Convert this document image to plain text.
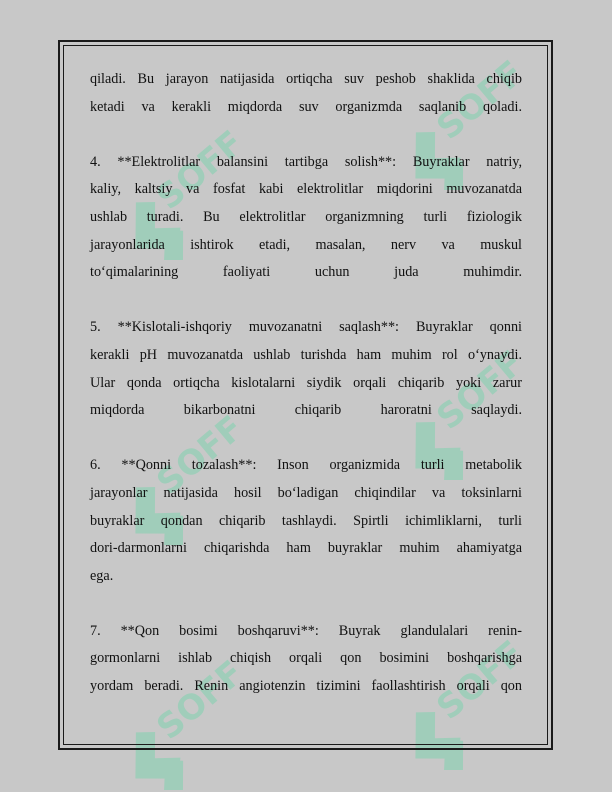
SOFF
SOFF
SOFF
SOFF
SOFF	SOFF

qiladi. Bu jarayon natijasida ortiqcha suv peshob shaklida chiqib
ketadi va kerakli miqdorda suv organizmda saqlanib qoladi.

4. **Elektrolitlar balansini tartibga solish**: Buyraklar natriy,
kaliy, kaltsiy va fosfat kabi elektrolitlar miqdorini muvozanatda
ushlab turadi. Bu elektrolitlar organizmning turli fiziologik
jarayonlarida ishtirok etadi, masalan, nerv va muskul
to‘qimalarining faoliyati uchun juda muhimdir.

5. **Kislotali-ishqoriy muvozanatni saqlash**: Buyraklar qonni
kerakli pH muvozanatda ushlab turishda ham muhim rol o‘ynaydi.
Ular qonda ortiqcha kislotalarni siydik orqali chiqarib yoki zarur
miqdorda bikarbonatni chiqarib haroratni saqlaydi.

6. **Qonni tozalash**: Inson organizmida turli metabolik
jarayonlar natijasida hosil bo‘ladigan chiqindilar va toksinlarni
buyraklar qondan chiqarib tashlaydi. Spirtli ichimliklarni, turli
dori-darmonlarni chiqarishda ham buyraklar muhim ahamiyatga
ega.

7. **Qon bosimi boshqaruvi**: Buyrak glandulalari renin-
gormonlarni ishlab chiqish orqali qon bosimini boshqarishga
yordam beradi. Renin angiotenzin tizimini faollashtirish orqali qon
